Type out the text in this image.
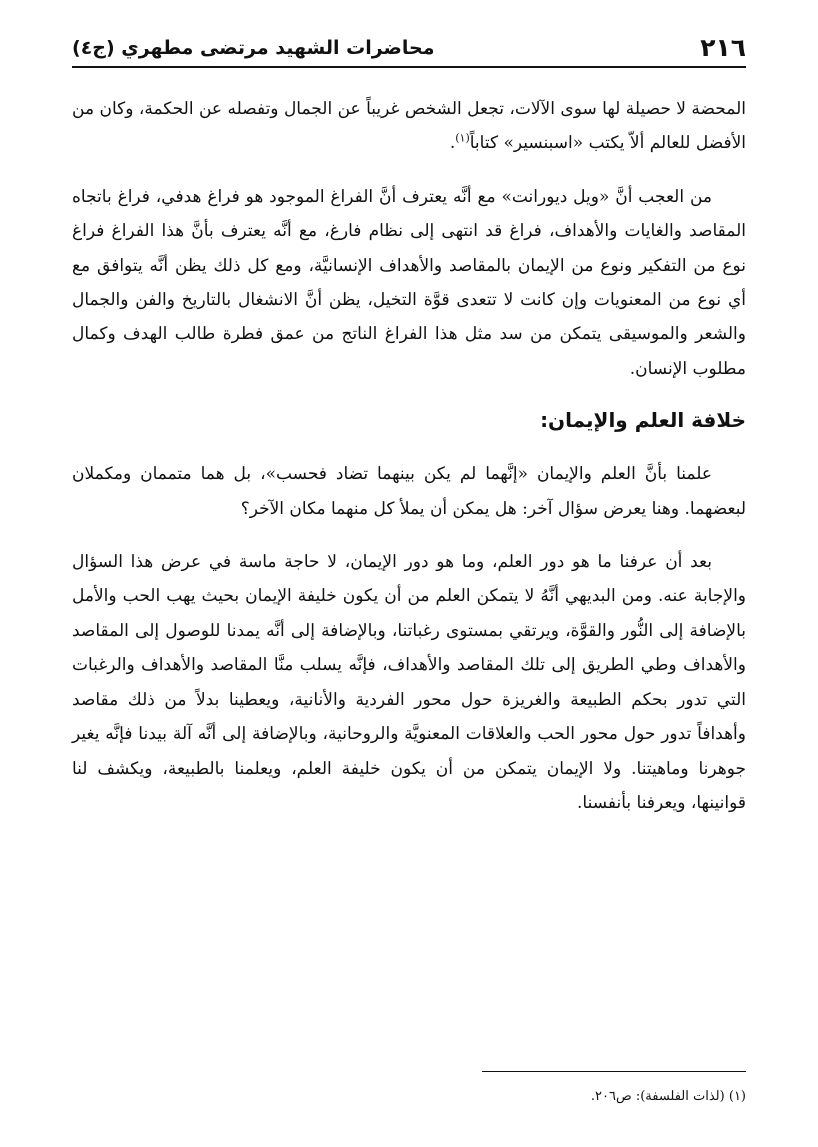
٢١٦
محاضرات الشهيد مرتضى مطهري (ج٤)

المحضة لا حصيلة لها سوى الآلات، تجعل الشخص غريباً عن الجمال وتفصله عن الحكمة، وكان من الأفضل للعالم ألاّ يكتب «اسبنسير» كتاباً$^{(١)}$.

من العجب أنَّ «ويل ديورانت» مع أنَّه يعترف أنَّ الفراغ الموجود هو فراغ هدفي، فراغ باتجاه المقاصد والغايات والأهداف، فراغ قد انتهى إلى نظام فارغ، مع أنَّه يعترف بأنَّ هذا الفراغ فراغ نوع من التفكير ونوع من الإيمان بالمقاصد والأهداف الإنسانيَّة، ومع كل ذلك يظن أنَّه يتوافق مع أي نوع من المعنويات وإن كانت لا تتعدى قوَّة التخيل، يظن أنَّ الانشغال بالتاريخ والفن والجمال والشعر والموسيقى يتمكن من سد مثل هذا الفراغ الناتج من عمق فطرة طالب الهدف وكمال مطلوب الإنسان.

خلافة العلم والإيمان:

علمنا بأنَّ العلم والإيمان «إنَّهما لم يكن بينهما تضاد فحسب»، بل هما متممان ومكملان لبعضهما. وهنا يعرض سؤال آخر: هل يمكن أن يملأ كل منهما مكان الآخر؟

بعد أن عرفنا ما هو دور العلم، وما هو دور الإيمان، لا حاجة ماسة في عرض هذا السؤال والإجابة عنه. ومن البديهي أنَّهُ لا يتمكن العلم من أن يكون خليفة الإيمان بحيث يهب الحب والأمل بالإضافة إلى النُّور والقوَّة، ويرتقي بمستوى رغباتنا، وبالإضافة إلى أنَّه يمدنا للوصول إلى المقاصد والأهداف وطي الطريق إلى تلك المقاصد والأهداف، فإنَّه يسلب منَّا المقاصد والأهداف والرغبات التي تدور بحكم الطبيعة والغريزة حول محور الفردية والأنانية، ويعطينا بدلاً من ذلك مقاصد وأهدافاً تدور حول محور الحب والعلاقات المعنويَّة والروحانية، وبالإضافة إلى أنَّه آلة بيدنا فإنَّه يغير جوهرنا وماهيتنا. ولا الإيمان يتمكن من أن يكون خليفة العلم، ويعلمنا بالطبيعة، ويكشف لنا قوانينها، ويعرفنا بأنفسنا.

(١) (لذات الفلسفة): ص٢٠٦.
